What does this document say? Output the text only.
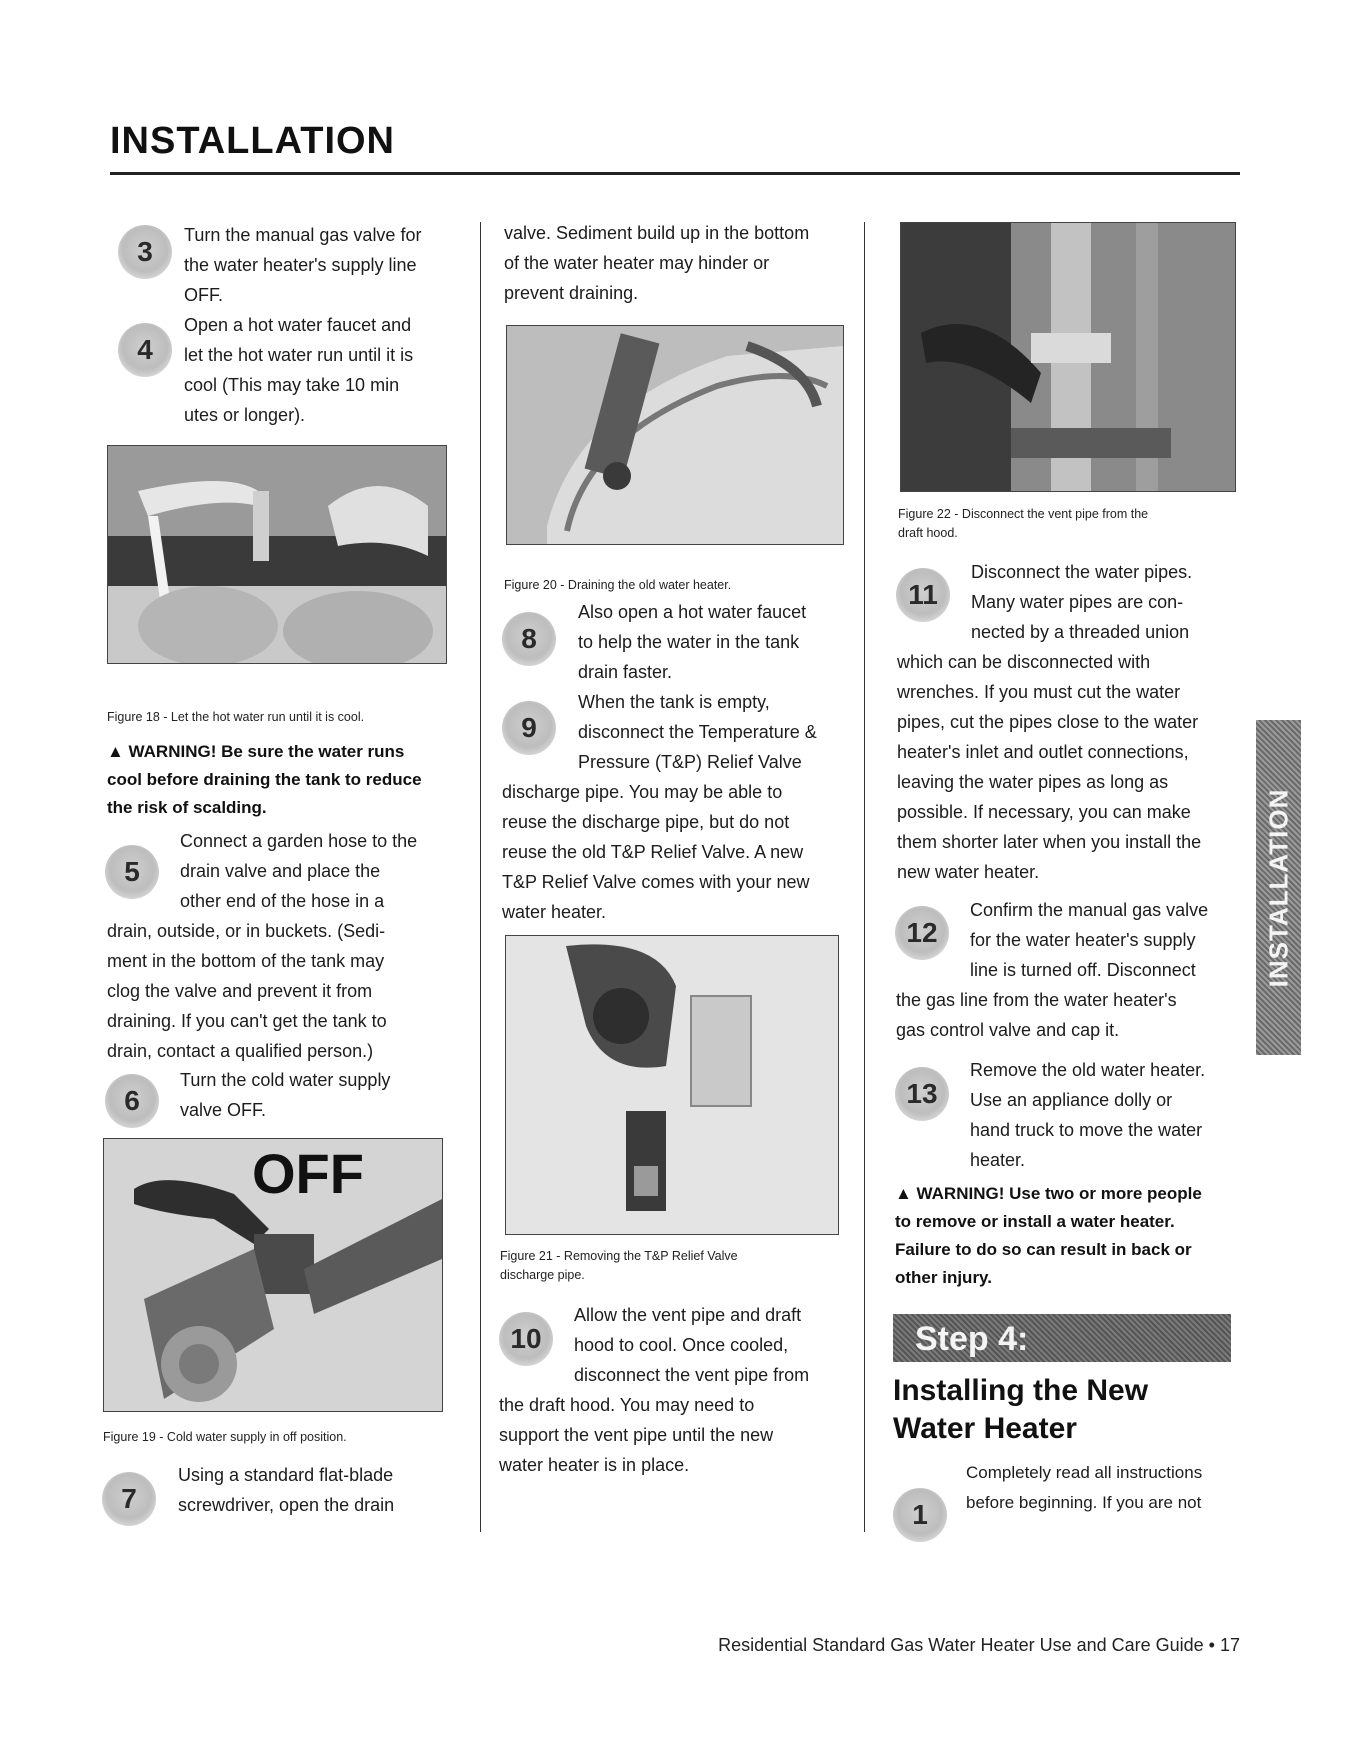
INSTALLATION
3

Turn the manual gas valve for

the water heater's supply line

OFF.

4

Open a hot water faucet and

let the hot water run until it is

cool (This may take 10 min

utes or longer).

Figure 18 - Let the hot water run until it is cool.
▲ WARNING! Be sure the water runs
cool before draining the tank to reduce
the risk of scalding.
5

Connect a garden hose to the

drain valve and place the

other end of the hose in a

drain, outside, or in buckets. (Sedi-

ment in the bottom of the tank may

clog the valve and prevent it from

draining. If you can't get the tank to

drain, contact a qualified person.)

6

Turn the cold water supply

valve OFF.

OFF
Figure 19 - Cold water supply in off position.
7

Using a standard flat-blade

screwdriver, open the drain

valve. Sediment build up in the bottom

of the water heater may hinder or

prevent draining.

Figure 20 - Draining the old water heater.
8

Also open a hot water faucet

to help the water in the tank

drain faster.

9

When the tank is empty,

disconnect the Temperature &

Pressure (T&P) Relief Valve

discharge pipe. You may be able to

reuse the discharge pipe, but do not

reuse the old T&P Relief Valve. A new

T&P Relief Valve comes with your new

water heater.

Figure 21 - Removing the T&P Relief Valve
discharge pipe.
10

Allow the vent pipe and draft

hood to cool. Once cooled,

disconnect the vent pipe from

the draft hood. You may need to

support the vent pipe until the new

water heater is in place.

Figure 22 - Disconnect the vent pipe from the
draft hood.
11

Disconnect the water pipes.

Many water pipes are con-

nected by a threaded union

which can be disconnected with

wrenches. If you must cut the water

pipes, cut the pipes close to the water

heater's inlet and outlet connections,

leaving the water pipes as long as

possible. If necessary, you can make

them shorter later when you install the

new water heater.

12

Confirm the manual gas valve

for the water heater's supply

line is turned off. Disconnect

the gas line from the water heater's

gas control valve and cap it.

13

Remove the old water heater.

Use an appliance dolly or

hand truck to move the water

heater.

▲ WARNING! Use two or more people
to remove or install a water heater.
Failure to do so can result in back or
other injury.
Step 4:
Installing the New
Water Heater
1

Completely read all instructions

before beginning. If you are not

INSTALLATION
Residential Standard Gas Water Heater Use and Care Guide • 17
